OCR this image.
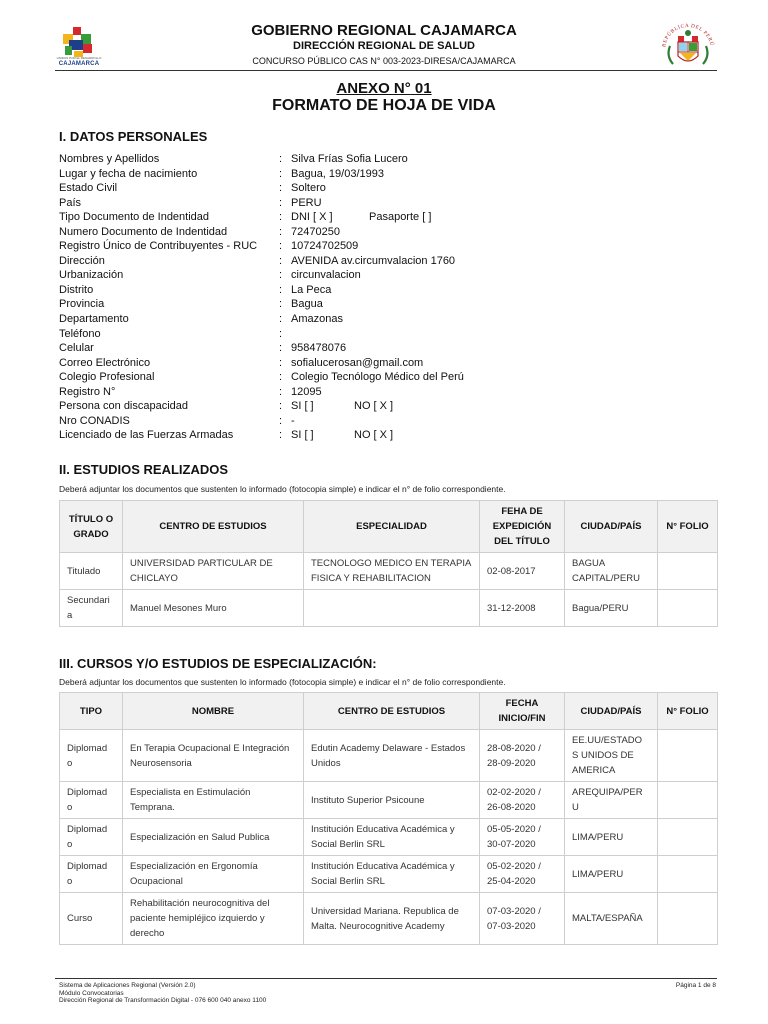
UNIDOS POR EL DESARROLLO
CAJAMARCA
GOBIERNO REGIONAL CAJAMARCA
DIRECCIÓN REGIONAL DE SALUD
CONCURSO PÚBLICO CAS N° 003-2023-DIRESA/CAJAMARCA
REPÚBLICA DEL PERÚ
ANEXO N° 01
FORMATO DE HOJA DE VIDA
I. DATOS PERSONALES
Nombres y Apellidos	: Silva Frías Sofia Lucero
Lugar y fecha de nacimiento	: Bagua, 19/03/1993
Estado Civil	: Soltero
País	: PERU
Tipo Documento de Indentidad	: DNI [ X ]	Pasaporte [ ]
Numero Documento de Indentidad	: 72470250
Registro Único de Contribuyentes - RUC : 10724702509
Dirección	: AVENIDA av.circumvalacion 1760
Urbanización	: circunvalacion
Distrito	: La Peca
Provincia	: Bagua
Departamento	: Amazonas
Teléfono	:
Celular	: 958478076
Correo Electrónico	: sofialucerosan@gmail.com
Colegio Profesional	: Colegio Tecnólogo Médico del Perú
Registro N°	: 12095
Persona con discapacidad	: SI [ ]	NO [ X ]
Nro CONADIS	: -
Licenciado de las Fuerzas Armadas	: SI [ ]	NO [ X ]
II. ESTUDIOS REALIZADOS
Deberá adjuntar los documentos que sustenten lo informado (fotocopia simple) e indicar el n° de folio correspondiente.
TÍTULO O GRADO	CENTRO DE ESTUDIOS	ESPECIALIDAD	FEHA DE EXPEDICIÓN DEL TÍTULO	CIUDAD/PAÍS	N° FOLIO
Titulado	UNIVERSIDAD PARTICULAR DE CHICLAYO	TECNOLOGO MEDICO EN TERAPIA FISICA Y REHABILITACION	02-08-2017	BAGUA CAPITAL/PERU	
Secundari a	Manuel Mesones Muro		31-12-2008	Bagua/PERU	
III. CURSOS Y/O ESTUDIOS DE ESPECIALIZACIÓN:
Deberá adjuntar los documentos que sustenten lo informado (fotocopia simple) e indicar el n° de folio correspondiente.
TIPO	NOMBRE	CENTRO DE ESTUDIOS	FECHA INICIO/FIN	CIUDAD/PAÍS	N° FOLIO
Diplomad o	En Terapia Ocupacional E Integración Neurosensoria	Edutin Academy Delaware - Estados Unidos	28-08-2020 / 28-09-2020	EE.UU/ESTADO S UNIDOS DE AMERICA	
Diplomad o	Especialista en Estimulación Temprana.	Instituto Superior Psicoune	02-02-2020 / 26-08-2020	AREQUIPA/PER U	
Diplomad o	Especialización en Salud Publica	Institución Educativa Académica y Social Berlin SRL	05-05-2020 / 30-07-2020	LIMA/PERU	
Diplomad o	Especialización en Ergonomía Ocupacional	Institución Educativa Académica y Social Berlin SRL	05-02-2020 / 25-04-2020	LIMA/PERU	
Curso	Rehabilitación neurocognitiva del paciente hemipléjico izquierdo y derecho	Universidad Mariana. Republica de Malta. Neurocognitive Academy	07-03-2020 / 07-03-2020	MALTA/ESPAÑA	
Sistema de Aplicaciones Regional (Versión 2.0)
Módulo Convocatorias
Dirección Regional de Transformación Digital - 076 600 040 anexo 1100
Página 1 de 8
